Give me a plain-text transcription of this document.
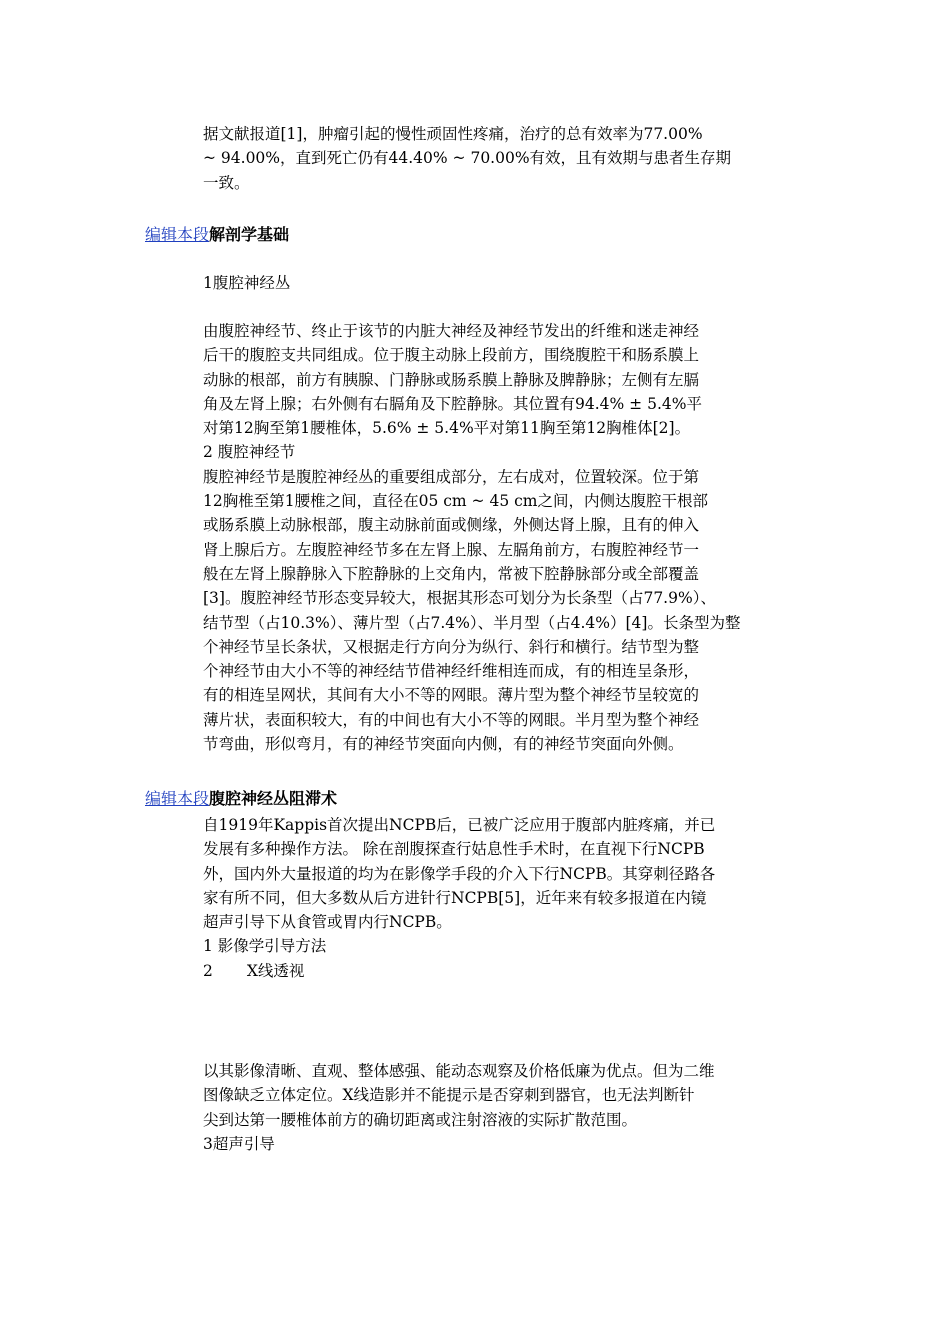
据文献报道[1]，肿瘤引起的慢性顽固性疼痛，治疗的总有效率为77.00%

~ 94.00%，直到死亡仍有44.40% ~ 70.00%有效，且有效期与患者生存期

一致。

编辑本段解剖学基础

1腹腔神经丛

由腹腔神经节、终止于该节的内脏大神经及神经节发出的纤维和迷走神经

后干的腹腔支共同组成。位于腹主动脉上段前方，围绕腹腔干和肠系膜上

动脉的根部，前方有胰腺、门静脉或肠系膜上静脉及脾静脉；左侧有左膈

角及左肾上腺；右外侧有右膈角及下腔静脉。其位置有94.4% ± 5.4%平

对第12胸至第1腰椎体，5.6% ± 5.4%平对第11胸至第12胸椎体[2]。

2 腹腔神经节

腹腔神经节是腹腔神经丛的重要组成部分，左右成对，位置较深。位于第

12胸椎至第1腰椎之间，直径在05 cm ~ 45 cm之间，内侧达腹腔干根部

或肠系膜上动脉根部，腹主动脉前面或侧缘，外侧达肾上腺，且有的伸入

肾上腺后方。左腹腔神经节多在左肾上腺、左膈角前方，右腹腔神经节一

般在左肾上腺静脉入下腔静脉的上交角内，常被下腔静脉部分或全部覆盖

[3]。腹腔神经节形态变异较大，根据其形态可划分为长条型（占77.9%）、

结节型（占10.3%）、薄片型（占7.4%）、半月型（占4.4%）[4]。长条型为整

个神经节呈长条状，又根据走行方向分为纵行、斜行和横行。结节型为整

个神经节由大小不等的神经结节借神经纤维相连而成，有的相连呈条形，

有的相连呈网状，其间有大小不等的网眼。薄片型为整个神经节呈较宽的

薄片状，表面积较大，有的中间也有大小不等的网眼。半月型为整个神经

节弯曲，形似弯月，有的神经节突面向内侧，有的神经节突面向外侧。

编辑本段腹腔神经丛阻滞术

自1919年Kappis首次提出NCPB后，已被广泛应用于腹部内脏疼痛，并已

发展有多种操作方法。 除在剖腹探查行姑息性手术时，在直视下行NCPB

外，国内外大量报道的均为在影像学手段的介入下行NCPB。其穿刺径路各

家有所不同，但大多数从后方进针行NCPB[5]，近年来有较多报道在内镜

超声引导下从食管或胃内行NCPB。

1 影像学引导方法

2 X线透视

以其影像清晰、直观、整体感强、能动态观察及价格低廉为优点。但为二维

图像缺乏立体定位。X线造影并不能提示是否穿刺到器官，也无法判断针

尖到达第一腰椎体前方的确切距离或注射溶液的实际扩散范围。

3超声引导
